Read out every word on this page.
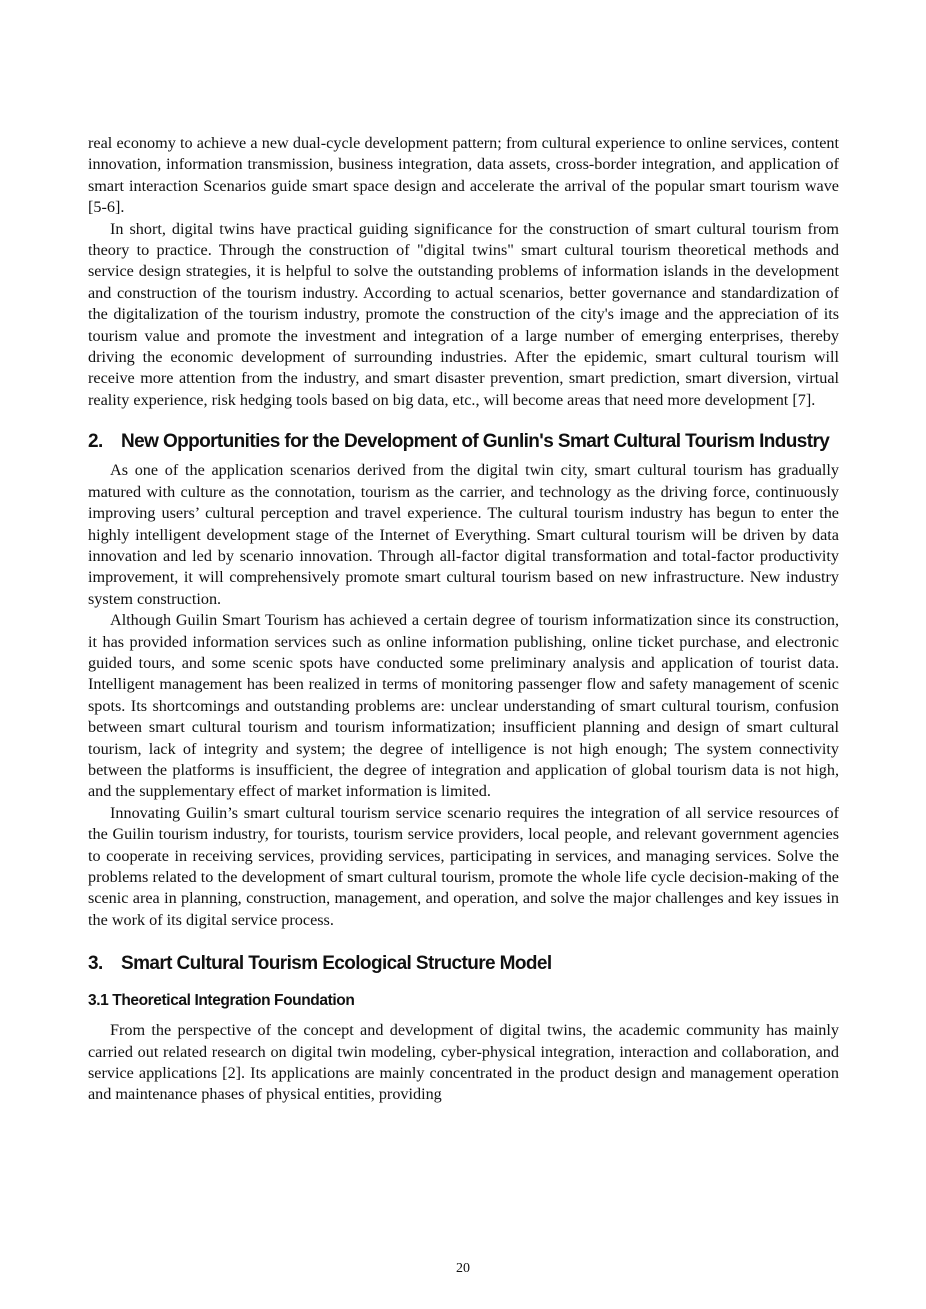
real economy to achieve a new dual-cycle development pattern; from cultural experience to online services, content innovation, information transmission, business integration, data assets, cross-border integration, and application of smart interaction Scenarios guide smart space design and accelerate the arrival of the popular smart tourism wave [5-6].

In short, digital twins have practical guiding significance for the construction of smart cultural tourism from theory to practice. Through the construction of "digital twins" smart cultural tourism theoretical methods and service design strategies, it is helpful to solve the outstanding problems of information islands in the development and construction of the tourism industry. According to actual scenarios, better governance and standardization of the digitalization of the tourism industry, promote the construction of the city's image and the appreciation of its tourism value and promote the investment and integration of a large number of emerging enterprises, thereby driving the economic development of surrounding industries. After the epidemic, smart cultural tourism will receive more attention from the industry, and smart disaster prevention, smart prediction, smart diversion, virtual reality experience, risk hedging tools based on big data, etc., will become areas that need more development [7].

2. New Opportunities for the Development of Gunlin's Smart Cultural Tourism Industry

As one of the application scenarios derived from the digital twin city, smart cultural tourism has gradually matured with culture as the connotation, tourism as the carrier, and technology as the driving force, continuously improving users’ cultural perception and travel experience. The cultural tourism industry has begun to enter the highly intelligent development stage of the Internet of Everything. Smart cultural tourism will be driven by data innovation and led by scenario innovation. Through all-factor digital transformation and total-factor productivity improvement, it will comprehensively promote smart cultural tourism based on new infrastructure. New industry system construction.

Although Guilin Smart Tourism has achieved a certain degree of tourism informatization since its construction, it has provided information services such as online information publishing, online ticket purchase, and electronic guided tours, and some scenic spots have conducted some preliminary analysis and application of tourist data. Intelligent management has been realized in terms of monitoring passenger flow and safety management of scenic spots. Its shortcomings and outstanding problems are: unclear understanding of smart cultural tourism, confusion between smart cultural tourism and tourism informatization; insufficient planning and design of smart cultural tourism, lack of integrity and system; the degree of intelligence is not high enough; The system connectivity between the platforms is insufficient, the degree of integration and application of global tourism data is not high, and the supplementary effect of market information is limited.

Innovating Guilin’s smart cultural tourism service scenario requires the integration of all service resources of the Guilin tourism industry, for tourists, tourism service providers, local people, and relevant government agencies to cooperate in receiving services, providing services, participating in services, and managing services. Solve the problems related to the development of smart cultural tourism, promote the whole life cycle decision-making of the scenic area in planning, construction, management, and operation, and solve the major challenges and key issues in the work of its digital service process.

3. Smart Cultural Tourism Ecological Structure Model

3.1 Theoretical Integration Foundation

From the perspective of the concept and development of digital twins, the academic community has mainly carried out related research on digital twin modeling, cyber-physical integration, interaction and collaboration, and service applications [2]. Its applications are mainly concentrated in the product design and management operation and maintenance phases of physical entities, providing

20
